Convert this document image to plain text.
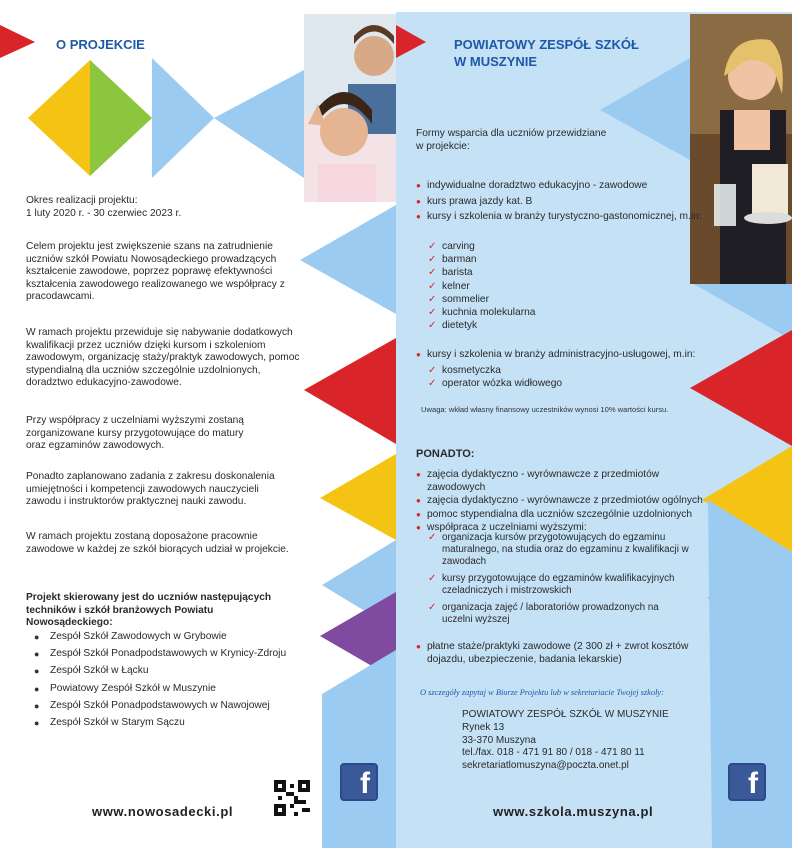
O PROJEKCIE
Okres realizacji projektu:
1 luty 2020 r. - 30 czerwiec 2023 r.
Celem projektu jest zwiększenie szans na zatrudnienie uczniów szkół Powiatu Nowosądeckiego prowadzących kształcenie zawodowe, poprzez poprawę efektywności kształcenia zawodowego realizowanego we współpracy z pracodawcami.
W ramach projektu przewiduje się nabywanie dodatkowych kwalifikacji przez uczniów dzięki kursom i szkoleniom zawodowym, organizację staży/praktyk zawodowych, pomoc stypendialną dla uczniów szczególnie uzdolnionych, doradztwo edukacyjno-zawodowe.
Przy współpracy z uczelniami wyższymi zostaną zorganizowane kursy przygotowujące do matury oraz egzaminów zawodowych.
Ponadto zaplanowano zadania z zakresu doskonalenia umiejętności i kompetencji zawodowych nauczycieli zawodu i instruktorów praktycznej nauki zawodu.
W ramach projektu zostaną doposażone pracownie zawodowe w każdej ze szkół biorących udział w projekcie.
Projekt skierowany jest do uczniów następujących techników i szkół branżowych Powiatu Nowosądeckiego:
● Zespół Szkół Zawodowych w Grybowie
● Zespół Szkół Ponadpodstawowych w Krynicy-Zdroju
● Zespół Szkół w Łącku
● Powiatowy Zespół Szkół w Muszynie
● Zespół Szkół Ponadpodstawowych w Nawojowej
● Zespół Szkół w Starym Sączu
f
www.nowosadecki.pl
POWIATOWY ZESPÓŁ SZKÓŁ
W MUSZYNIE
Formy wsparcia dla uczniów przewidziane
w projekcie:
● indywidualne doradztwo edukacyjno - zawodowe
● kurs prawa jazdy kat. B
● kursy i szkolenia w branży turystyczno-gastonomicznej, m.in:
✓ carving
✓ barman
✓ barista
✓ kelner
✓ sommelier
✓ kuchnia molekularna
✓ dietetyk
● kursy i szkolenia w branży administracyjno-usługowej, m.in:
✓ kosmetyczka
✓ operator wózka widłowego
Uwaga: wkład własny finansowy uczestników wynosi 10% wartości kursu.
PONADTO:
● zajęcia dydaktyczno - wyrównawcze z przedmiotów zawodowych
● zajęcia dydaktyczno - wyrównawcze z przedmiotów ogólnych
● pomoc stypendialna dla uczniów szczególnie uzdolnionych
● współpraca z uczelniami wyższymi:
✓ organizacja kursów przygotowujących do egzaminu maturalnego, na studia oraz do egzaminu z kwalifikacji w zawodach
✓ kursy przygotowujące do egzaminów kwalifikacyjnych czeladniczych i mistrzowskich
✓ organizacja zajęć / laboratoriów prowadzonych na uczelni wyższej
● płatne staże/praktyki zawodowe (2 300 zł + zwrot kosztów dojazdu, ubezpieczenie, badania lekarskie)
O szczegóły zapytaj w Biurze Projektu lub w sekretariacie Twojej szkoły:
POWIATOWY ZESPÓŁ SZKÓŁ W MUSZYNIE
Rynek 13
33-370 Muszyna
tel./fax. 018 - 471 91 80 / 018 - 471 80 11
sekretariatlomuszyna@poczta.onet.pl
f
www.szkola.muszyna.pl
